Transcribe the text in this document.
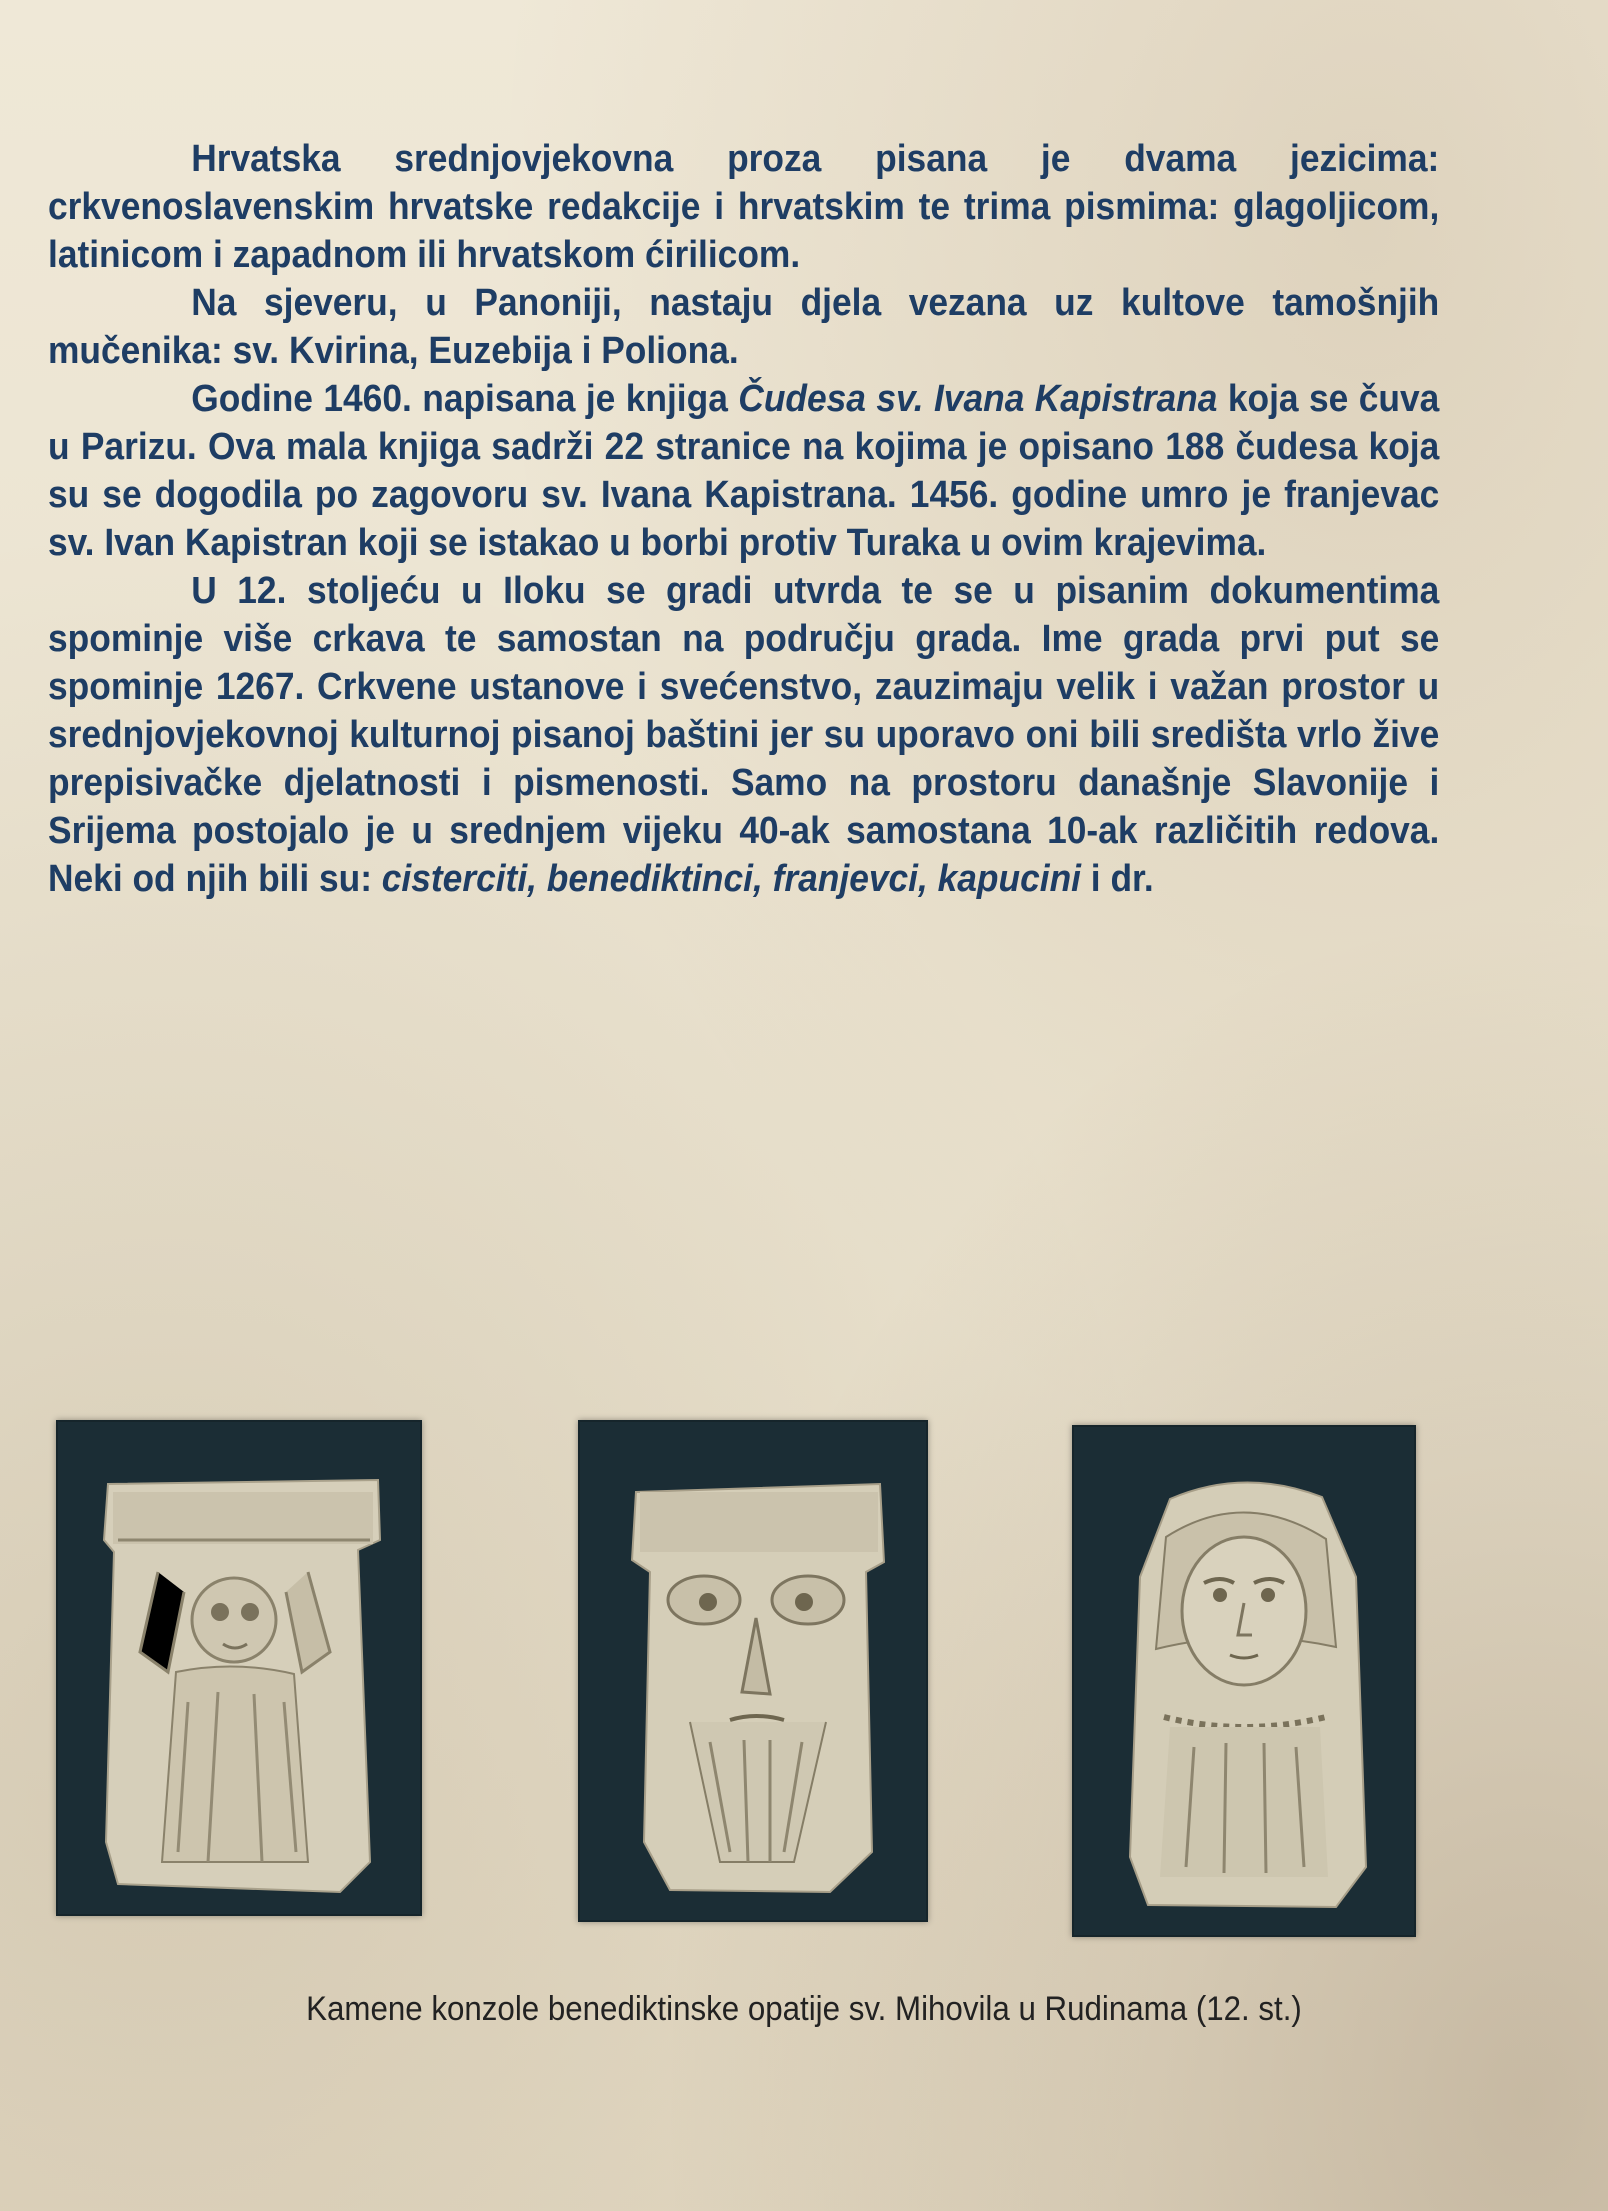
Hrvatska srednjovjekovna proza pisana je dvama jezicima: crkvenoslavenskim hrvatske redakcije i hrvatskim te trima pismima: glagoljicom, latinicom i zapadnom ili hrvatskom ćirilicom.

Na sjeveru, u Panoniji, nastaju djela vezana uz kultove tamošnjih mučenika: sv. Kvirina, Euzebija i Poliona.

Godine 1460. napisana je knjiga Čudesa sv. Ivana Kapistrana koja se čuva u Parizu. Ova mala knjiga sadrži 22 stranice na kojima je opisano 188 čudesa koja su se dogodila po zagovoru sv. Ivana Kapistrana. 1456. godine umro je franjevac sv. Ivan Kapistran koji se istakao u borbi protiv Turaka u ovim krajevima.

U 12. stoljeću u Iloku se gradi utvrda te se u pisanim dokumentima spominje više crkava te samostan na području grada. Ime grada prvi put se spominje 1267. Crkvene ustanove i svećenstvo, zauzimaju velik i važan prostor u srednjovjekovnoj kulturnoj pisanoj baštini jer su uporavo oni bili središta vrlo žive prepisivačke djelatnosti i pismenosti. Samo na prostoru današnje Slavonije i Srijema postojalo je u srednjem vijeku 40-ak samostana 10-ak različitih redova. Neki od njih bili su: cisterciti, benediktinci, franjevci, kapucini i dr.

Kamene konzole benediktinske opatije sv. Mihovila u Rudinama (12. st.)
